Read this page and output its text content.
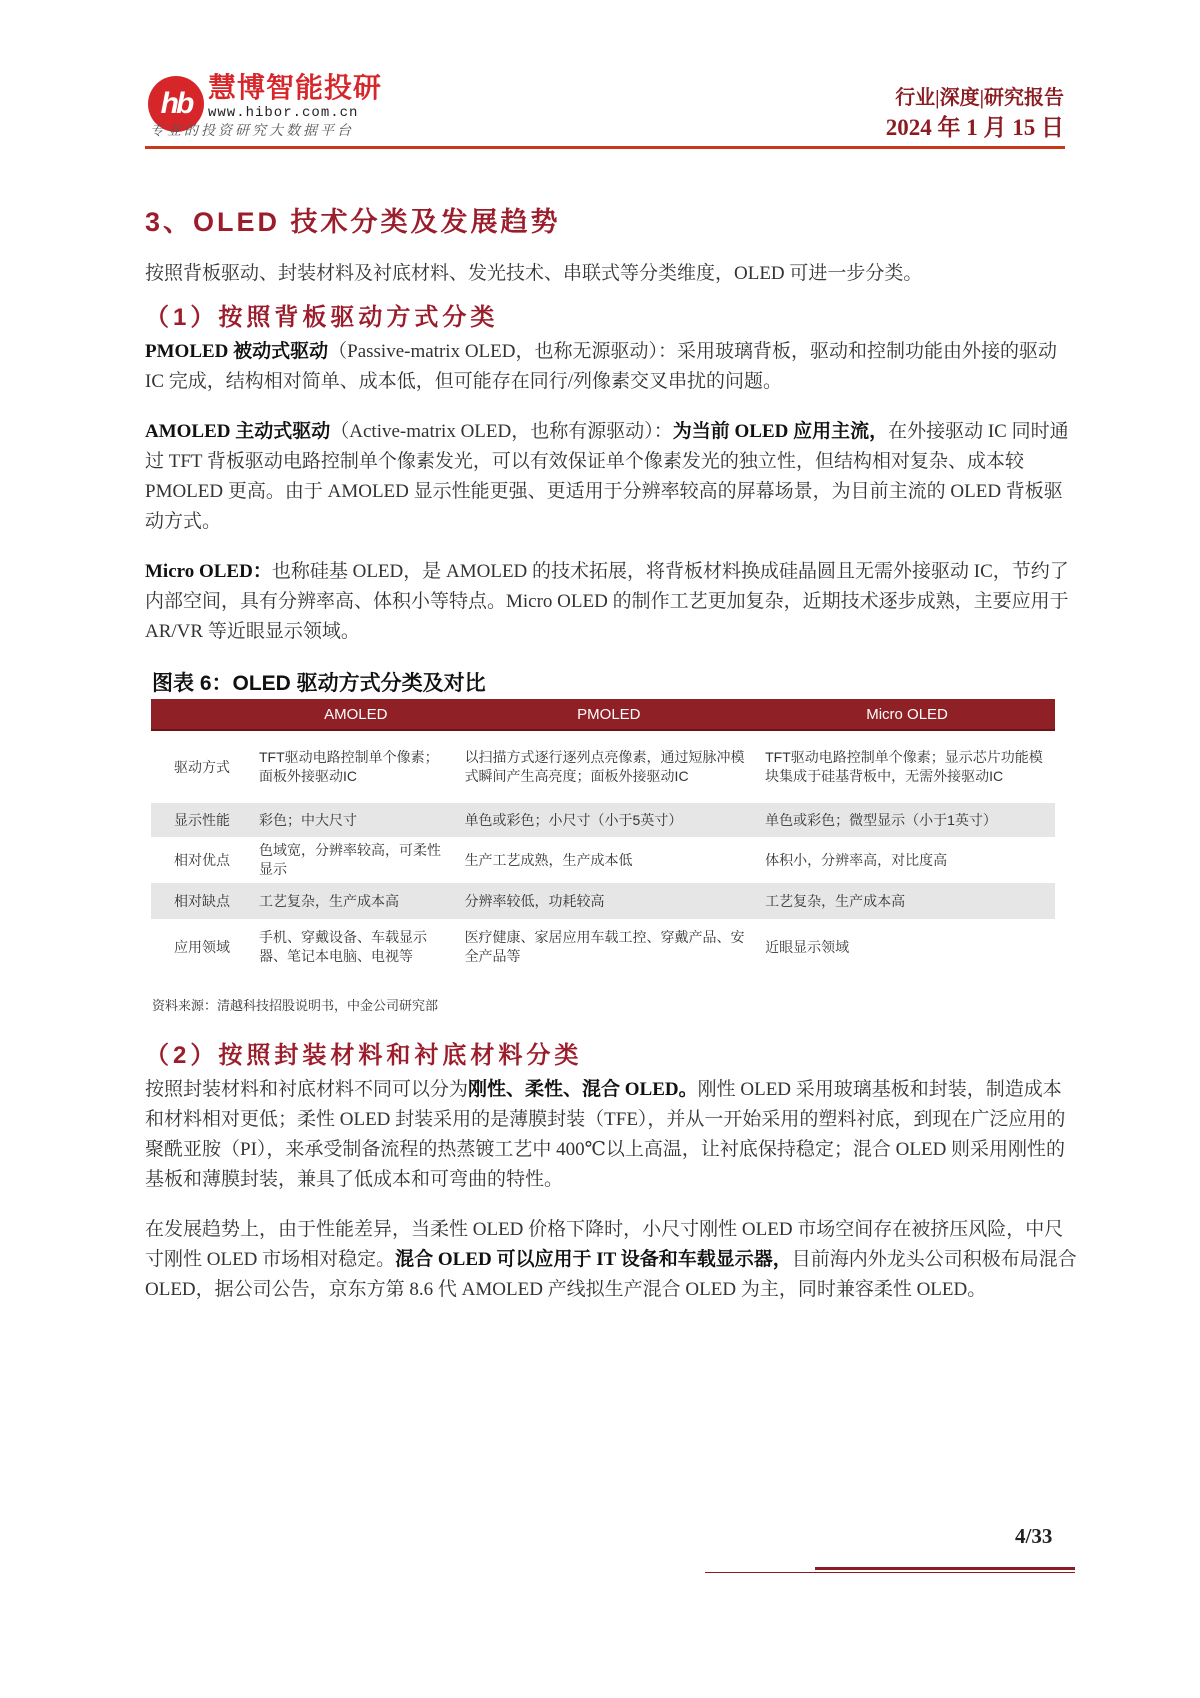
hb 慧博智能投研
www.hibor.com.cn
专业的投资研究大数据平台
行业|深度|研究报告
2024 年 1 月 15 日
3、OLED 技术分类及发展趋势
按照背板驱动、封装材料及衬底材料、发光技术、串联式等分类维度，OLED 可进一步分类。
（1）按照背板驱动方式分类
PMOLED 被动式驱动（Passive-matrix OLED，也称无源驱动）：采用玻璃背板，驱动和控制功能由外接的驱动 IC 完成，结构相对简单、成本低，但可能存在同行/列像素交叉串扰的问题。
AMOLED 主动式驱动（Active-matrix OLED，也称有源驱动）：为当前 OLED 应用主流，在外接驱动 IC 同时通过 TFT 背板驱动电路控制单个像素发光，可以有效保证单个像素发光的独立性，但结构相对复杂、成本较 PMOLED 更高。由于 AMOLED 显示性能更强、更适用于分辨率较高的屏幕场景，为目前主流的 OLED 背板驱动方式。
Micro OLED：也称硅基 OLED，是 AMOLED 的技术拓展，将背板材料换成硅晶圆且无需外接驱动 IC，节约了内部空间，具有分辨率高、体积小等特点。Micro OLED 的制作工艺更加复杂，近期技术逐步成熟，主要应用于 AR/VR 等近眼显示领域。
图表 6：OLED 驱动方式分类及对比
	AMOLED	PMOLED	Micro OLED
驱动方式	TFT驱动电路控制单个像素；面板外接驱动IC	以扫描方式逐行逐列点亮像素，通过短脉冲模式瞬间产生高亮度；面板外接驱动IC	TFT驱动电路控制单个像素；显示芯片功能模块集成于硅基背板中，无需外接驱动IC
显示性能	彩色；中大尺寸	单色或彩色；小尺寸（小于5英寸）	单色或彩色；微型显示（小于1英寸）
相对优点	色域宽，分辨率较高，可柔性显示	生产工艺成熟，生产成本低	体积小，分辨率高，对比度高
相对缺点	工艺复杂，生产成本高	分辨率较低，功耗较高	工艺复杂，生产成本高
应用领域	手机、穿戴设备、车载显示器、笔记本电脑、电视等	医疗健康、家居应用车载工控、穿戴产品、安全产品等	近眼显示领域
资料来源：清越科技招股说明书，中金公司研究部
（2）按照封装材料和衬底材料分类
按照封装材料和衬底材料不同可以分为刚性、柔性、混合 OLED。刚性 OLED 采用玻璃基板和封装，制造成本和材料相对更低；柔性 OLED 封装采用的是薄膜封装（TFE），并从一开始采用的塑料衬底，到现在广泛应用的聚酰亚胺（PI），来承受制备流程的热蒸镀工艺中 400℃以上高温，让衬底保持稳定；混合 OLED 则采用刚性的基板和薄膜封装，兼具了低成本和可弯曲的特性。
在发展趋势上，由于性能差异，当柔性 OLED 价格下降时，小尺寸刚性 OLED 市场空间存在被挤压风险，中尺寸刚性 OLED 市场相对稳定。混合 OLED 可以应用于 IT 设备和车载显示器，目前海内外龙头公司积极布局混合 OLED，据公司公告，京东方第 8.6 代 AMOLED 产线拟生产混合 OLED 为主，同时兼容柔性 OLED。
4/33
